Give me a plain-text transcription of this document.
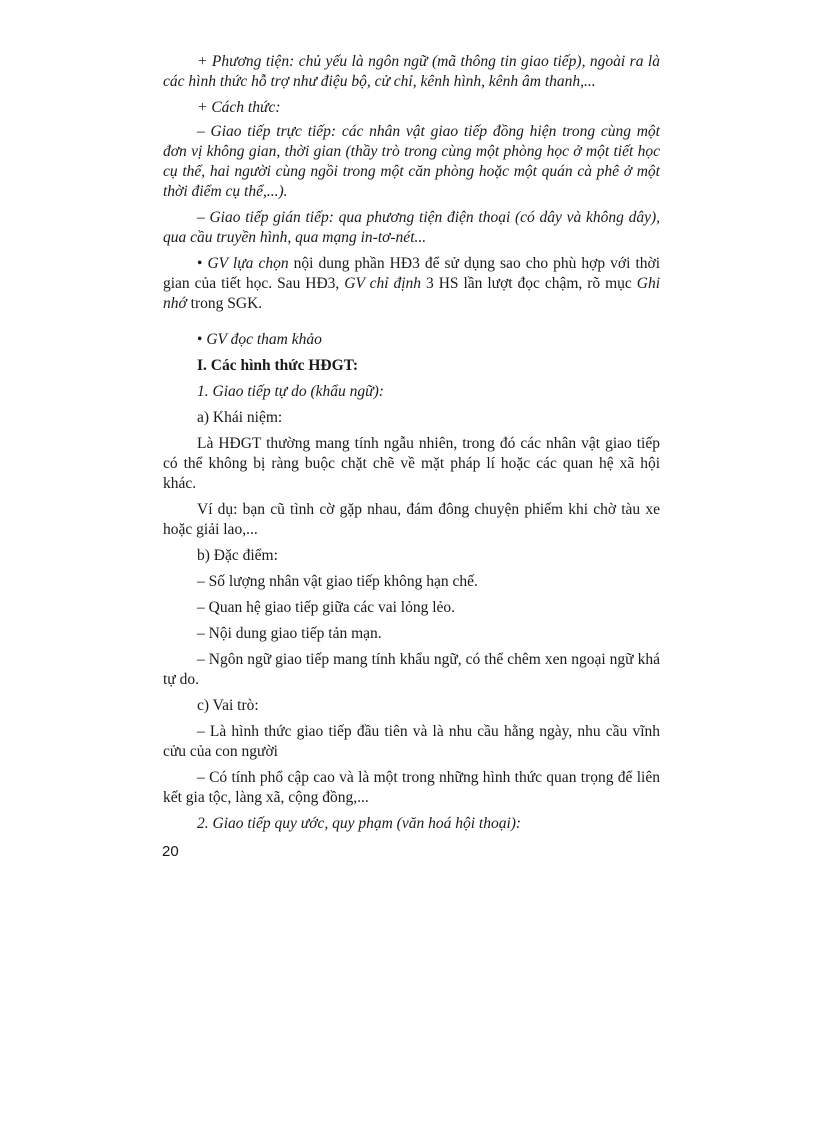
+ Phương tiện: chủ yếu là ngôn ngữ (mã thông tin giao tiếp), ngoài ra là các hình thức hỗ trợ như điệu bộ, cử chỉ, kênh hình, kênh âm thanh,...

+ Cách thức:

– Giao tiếp trực tiếp: các nhân vật giao tiếp đồng hiện trong cùng một đơn vị không gian, thời gian (thầy trò trong cùng một phòng học ở một tiết học cụ thể, hai người cùng ngồi trong một căn phòng hoặc một quán cà phê ở một thời điểm cụ thể,...).

– Giao tiếp gián tiếp: qua phương tiện điện thoại (có dây và không dây), qua cầu truyền hình, qua mạng in-tơ-nét...

• GV lựa chọn nội dung phần HĐ3 để sử dụng sao cho phù hợp với thời gian của tiết học. Sau HĐ3, GV chỉ định 3 HS lần lượt đọc chậm, rõ mục Ghi nhớ trong SGK.

• GV đọc tham khảo

I. Các hình thức HĐGT:

1. Giao tiếp tự do (khẩu ngữ):

a) Khái niệm:

Là HĐGT thường mang tính ngẫu nhiên, trong đó các nhân vật giao tiếp có thể không bị ràng buộc chặt chẽ về mặt pháp lí hoặc các quan hệ xã hội khác.

Ví dụ: bạn cũ tình cờ gặp nhau, đám đông chuyện phiếm khi chờ tàu xe hoặc giải lao,...

b) Đặc điểm:

– Số lượng nhân vật giao tiếp không hạn chế.

– Quan hệ giao tiếp giữa các vai lỏng lẻo.

– Nội dung giao tiếp tản mạn.

– Ngôn ngữ giao tiếp mang tính khẩu ngữ, có thể chêm xen ngoại ngữ khá tự do.

c) Vai trò:

– Là hình thức giao tiếp đầu tiên và là nhu cầu hằng ngày, nhu cầu vĩnh cửu của con người

– Có tính phổ cập cao và là một trong những hình thức quan trọng để liên kết gia tộc, làng xã, cộng đồng,...

2. Giao tiếp quy ước, quy phạm (văn hoá hội thoại):

20
